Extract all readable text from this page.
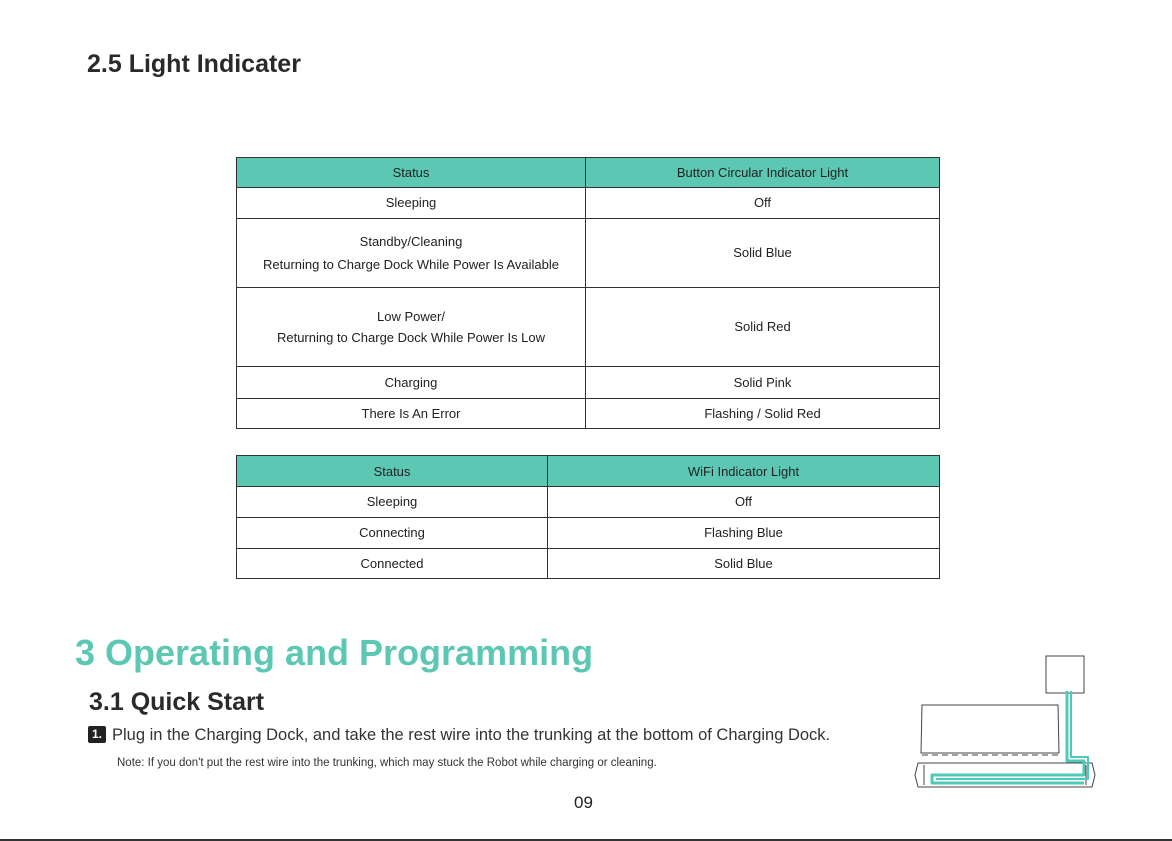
2.5 Light Indicater
Status	Button Circular Indicator Light
Sleeping	Off
Standby/Cleaning
Returning to Charge Dock While Power Is Available	Solid Blue
Low Power/
Returning to Charge Dock While Power Is Low	Solid Red
Charging	Solid Pink
There Is An Error	Flashing / Solid Red
Status	WiFi Indicator Light
Sleeping	Off
Connecting	Flashing Blue
Connected	Solid Blue
3 Operating and Programming
3.1 Quick Start
1. Plug in the Charging Dock, and take the rest wire into the trunking at the bottom of Charging Dock.
Note: If you don't put the rest wire into the trunking, which may stuck the Robot while charging or cleaning.
09
